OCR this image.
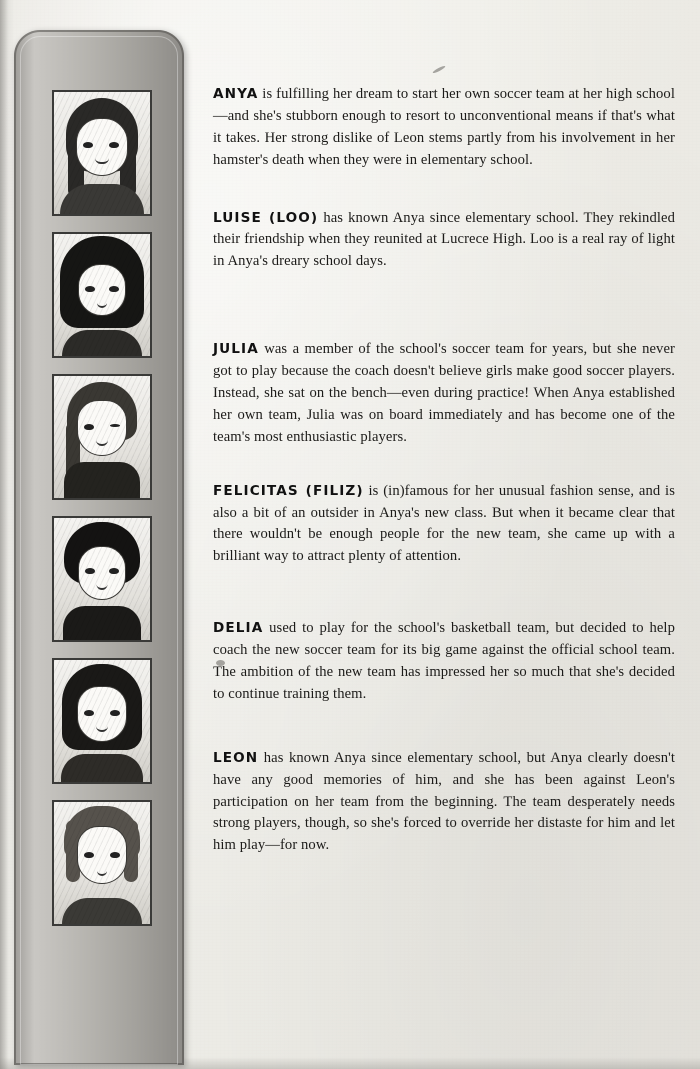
ANYA is fulfilling her dream to start her own soccer team at her high school—and she's stubborn enough to resort to unconventional means if that's what it takes. Her strong dislike of Leon stems partly from his involvement in her hamster's death when they were in elementary school.

LUISE (LOO) has known Anya since elementary school. They rekindled their friendship when they reunited at Lucrece High. Loo is a real ray of light in Anya's dreary school days.

JULIA was a member of the school's soccer team for years, but she never got to play because the coach doesn't believe girls make good soccer players. Instead, she sat on the bench—even during practice! When Anya established her own team, Julia was on board immediately and has become one of the team's most enthusiastic players.

FELICITAS (FILIZ) is (in)famous for her unusual fashion sense, and is also a bit of an outsider in Anya's new class. But when it became clear that there wouldn't be enough people for the new team, she came up with a brilliant way to attract plenty of attention.

DELIA used to play for the school's basketball team, but decided to help coach the new soccer team for its big game against the official school team. The ambition of the new team has impressed her so much that she's decided to continue training them.

LEON has known Anya since elementary school, but Anya clearly doesn't have any good memories of him, and she has been against Leon's participation on her team from the beginning. The team desperately needs strong players, though, so she's forced to override her distaste for him and let him play—for now.
